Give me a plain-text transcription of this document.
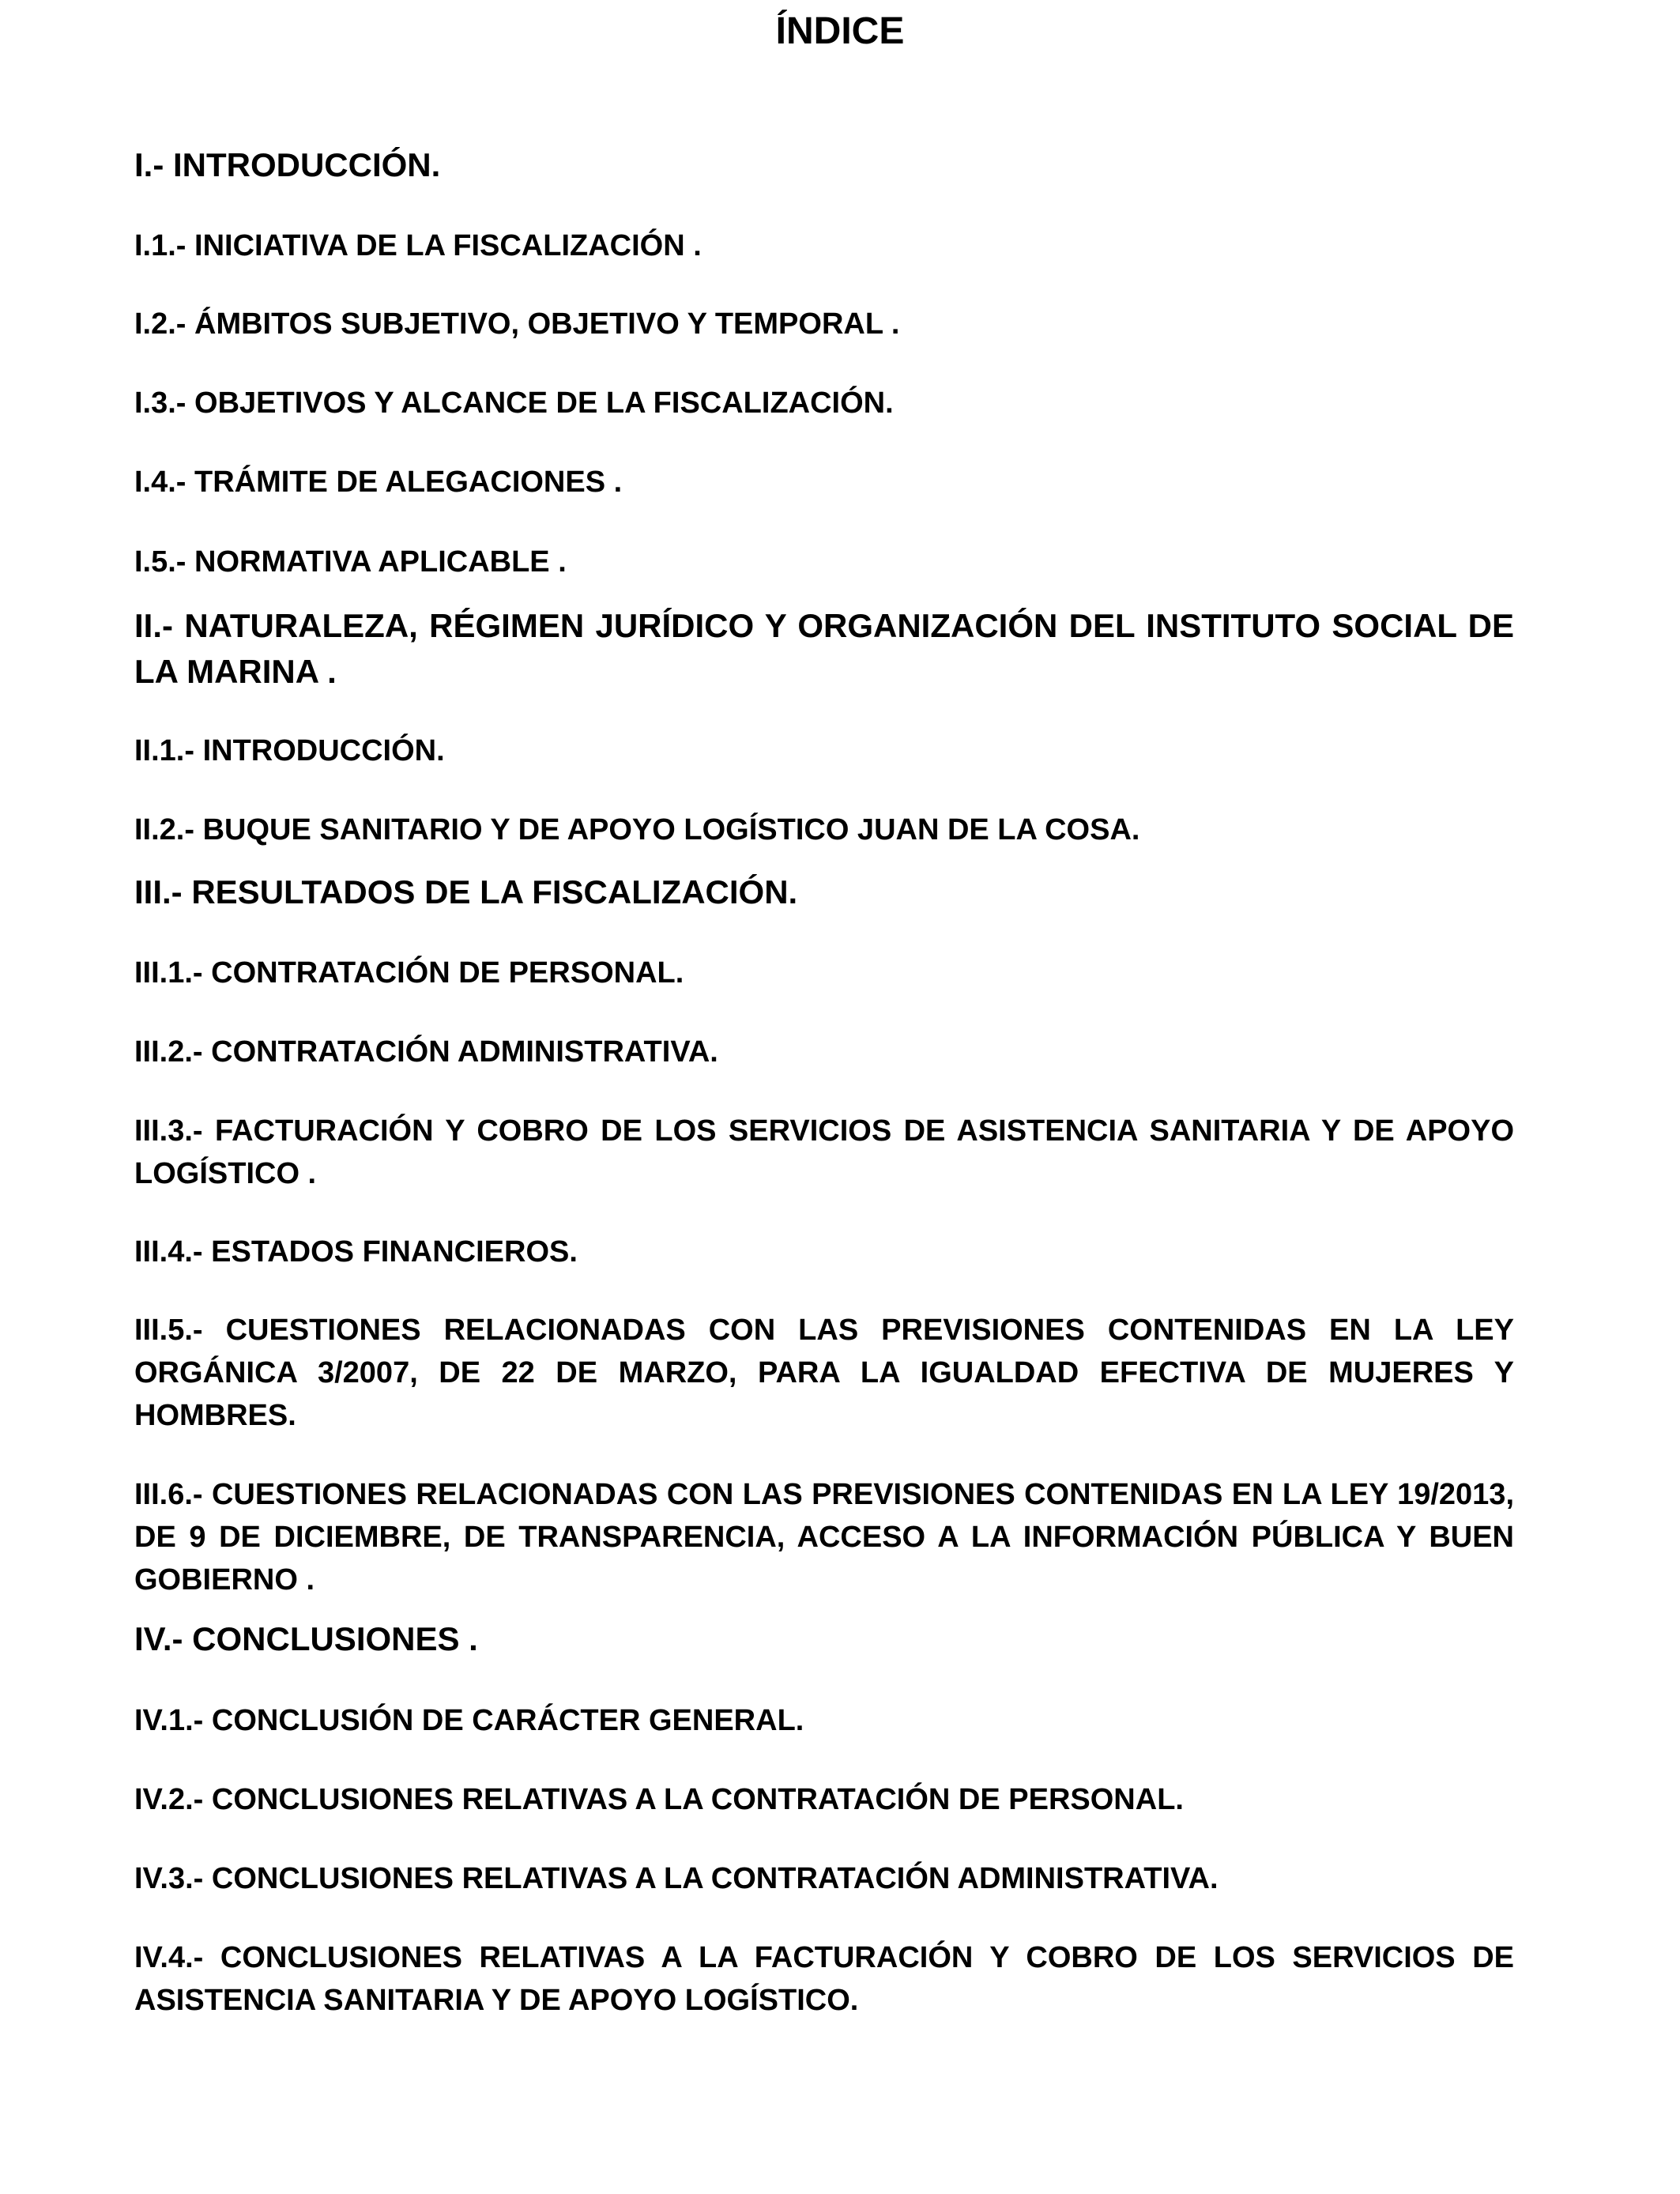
ÍNDICE

I.- INTRODUCCIÓN.

I.1.- INICIATIVA DE LA FISCALIZACIÓN .

I.2.- ÁMBITOS SUBJETIVO, OBJETIVO Y TEMPORAL .

I.3.- OBJETIVOS Y ALCANCE DE LA FISCALIZACIÓN.

I.4.- TRÁMITE DE ALEGACIONES .

I.5.- NORMATIVA APLICABLE .

II.- NATURALEZA, RÉGIMEN JURÍDICO Y ORGANIZACIÓN DEL INSTITUTO SOCIAL DE LA MARINA .

II.1.- INTRODUCCIÓN.

II.2.- BUQUE SANITARIO Y DE APOYO LOGÍSTICO JUAN DE LA COSA.

III.- RESULTADOS DE LA FISCALIZACIÓN.

III.1.- CONTRATACIÓN DE PERSONAL.

III.2.- CONTRATACIÓN ADMINISTRATIVA.

III.3.- FACTURACIÓN Y COBRO DE LOS SERVICIOS DE ASISTENCIA SANITARIA Y DE APOYO LOGÍSTICO .

III.4.- ESTADOS FINANCIEROS.

III.5.- CUESTIONES RELACIONADAS CON LAS PREVISIONES CONTENIDAS EN LA LEY ORGÁNICA 3/2007, DE 22 DE MARZO, PARA LA IGUALDAD EFECTIVA DE MUJERES Y HOMBRES.

III.6.- CUESTIONES RELACIONADAS CON LAS PREVISIONES CONTENIDAS EN LA LEY 19/2013, DE 9 DE DICIEMBRE, DE TRANSPARENCIA, ACCESO A LA INFORMACIÓN PÚBLICA Y BUEN GOBIERNO .

IV.- CONCLUSIONES .

IV.1.- CONCLUSIÓN DE CARÁCTER GENERAL.

IV.2.- CONCLUSIONES RELATIVAS A LA CONTRATACIÓN DE PERSONAL.

IV.3.- CONCLUSIONES RELATIVAS A LA CONTRATACIÓN ADMINISTRATIVA.

IV.4.- CONCLUSIONES RELATIVAS A LA FACTURACIÓN Y COBRO DE LOS SERVICIOS DE ASISTENCIA SANITARIA Y DE APOYO LOGÍSTICO.
